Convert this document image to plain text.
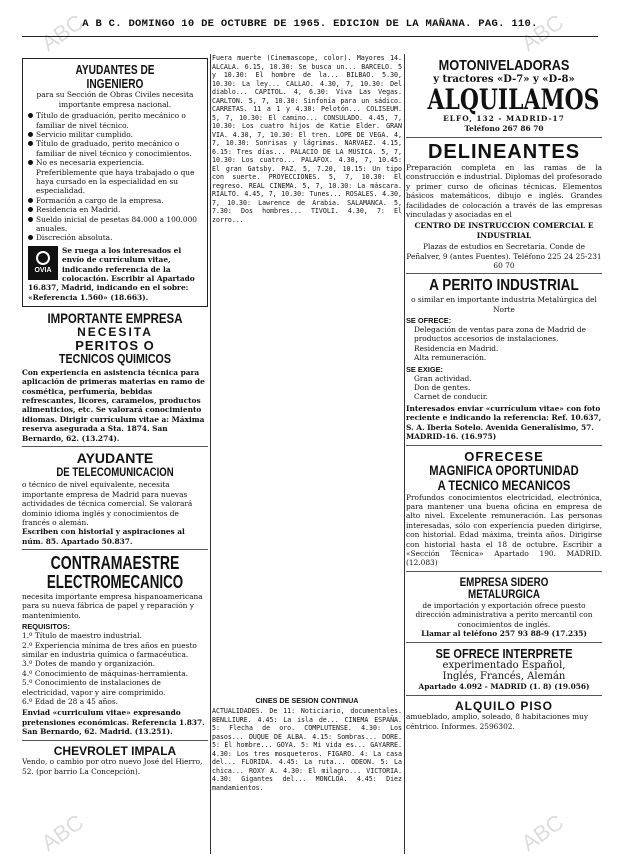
ABC	ABC
ABC	ABC
A B C. DOMINGO 10 DE OCTUBRE DE 1965. EDICION DE LA MAÑANA. PAG. 110.
AYUDANTES DE INGENIERO
para su Sección de Obras Civiles necesita importante empresa nacional.
Título de graduación, perito mecánico o familiar de nivel técnico.
Servicio militar cumplido.
Título de graduado, perito mecánico o familiar de nivel técnico y conocimientos.
No es necesaria experiencia. Preferiblemente que haya trabajado o que haya cursado en la especialidad en su especialidad.
Formación a cargo de la empresa.
Residencia en Madrid.
Sueldo inicial de pesetas 84.000 a 100.000 anuales.
Discreción absoluta.
OVIA
Se ruega a los interesados el envío de currículum vitae, indicando referencia de la colocación. Escribir al Apartado 16.837, Madrid, indicando en el sobre: «Referencia 1.560» (18.663).
IMPORTANTE EMPRESA
NECESITA
PERITOS O
TECNICOS QUIMICOS
Con experiencia en asistencia técnica para aplicación de primeras materias en ramo de cosmética, perfumería, bebidas refrescantes, licores, caramelos, productos alimenticios, etc. Se valorará conocimiento idiomas. Dirigir currículum vitae a: Máxima reserva asegurada a Sta. 1874. San Bernardo, 62. (13.274).
AYUDANTE
DE TELECOMUNICACION
o técnico de nivel equivalente, necesita importante empresa de Madrid para nuevas actividades de técnica comercial. Se valorará dominio idioma inglés y conocimientos de francés o alemán.
Escriben con historial y aspiraciones al núm. 85. Apartado 50.837.
CONTRAMAESTRE
ELECTROMECANICO
necesita importante empresa hispanoamericana para su nueva fábrica de papel y reparación y mantenimiento.
REQUISITOS:
1.º Título de maestro industrial.
2.º Experiencia mínima de tres años en puesto similar en industria química o farmacéutica.
3.º Dotes de mando y organización.
4.º Conocimiento de máquinas-herramienta.
5.º Conocimiento de instalaciones de electricidad, vapor y aire comprimido.
6.º Edad de 28 a 45 años.
Enviad «curriculum vitae» expresando pretensiones económicas. Referencia 1.837. San Bernardo, 62. Madrid. (13.251).
CHEVROLET IMPALA
Vendo, o cambio por otro nuevo José del Hierro, 52. (por barrio La Concepción).
Fuera muerte (Cinemascope, color). Mayores 14. ALCALA. 6.15, 10.30: Se busca un... BARCELO. 5 y 10.30: El hombre de la... BILBAO. 5.30, 10.30: La ley... CALLAO. 4.30, 7, 10.30: Del diablo... CAPITOL. 4, 6.30: Viva Las Vegas. CARLTON. 5, 7, 10.30: Sinfonía para un sádico. CARRETAS. 11 a 1 y 4.30: Pelotón... COLISEUM. 5, 7, 10.30: El camino... CONSULADO. 4.45, 7, 10.30: Los cuatro hijos de Katie Elder. GRAN VIA. 4.30, 7, 10.30: El tren. LOPE DE VEGA. 4, 7, 10.30: Sonrisas y lágrimas. NARVAEZ. 4.15, 6.15: Tres días... PALACIO DE LA MUSICA. 5, 7, 10.30: Los cuatro... PALAFOX. 4.30, 7, 10.45: El gran Gatsby. PAZ. 5, 7.20, 10.15: Un tipo con suerte. PROYECCIONES. 5, 7, 10.30: El regreso. REAL CINEMA. 5, 7, 10.30: La máscara. RIALTO. 4.45, 7, 10.30: Tunes... ROSALES. 4.30, 7, 10.30: Lawrence de Arabia. SALAMANCA. 5, 7.30: Dos hombres... TIVOLI. 4.30, 7: El zorro...
CINES DE SESION CONTINUA
ACTUALIDADES. De 11: Noticiario, documentales. BENLLIURE. 4.45: La isla de... CINEMA ESPAÑA. 5: Flecha de oro. COMPLUTENSE. 4.30: Los pasos... DUQUE DE ALBA. 4.15: Sombras... DORE. 5: El hombre... GOYA. 5: Mi vida es... GAYARRE. 4.30: Los tres mosqueteros. FIGARO. 4: La casa del... FLORIDA. 4.45: La ruta... ODEON. 5: La chica... ROXY A. 4.30: El milagro... VICTORIA. 4.30: Gigantes del... MONCLOA. 4.45: Diez mandamientos.
MOTONIVELADORAS
y tractores «D-7» y «D-8»
ALQUILAMOS
ELFO, 132 - MADRID-17
Teléfono 267 86 70
DELINEANTES
Preparación completa en las ramas de la construcción e industrial. Diplomas del profesorado y primer curso de oficinas técnicas. Elementos básicos matemáticos, dibujo e inglés. Grandes facilidades de colocación a través de las empresas vinculadas y asociadas en el
CENTRO DE INSTRUCCION COMERCIAL E INDUSTRIAL
Plazas de estudios en Secretaría. Conde de Peñalver, 9 (antes Fuentes). Teléfono 225 24 25-231 60 70
A PERITO INDUSTRIAL
o similar en importante industria Metalúrgica del Norte
SE OFRECE:
Delegación de ventas para zona de Madrid de productos accesorios de instalaciones.
Residencia en Madrid.
Alta remuneración.
SE EXIGE:
Gran actividad.
Don de gentes.
Carnet de conducir.
Interesados enviar «currículum vitae» con foto reciente e indicando la referencia: Ref. 10.637, S. A. Iberia Sotelo. Avenida Generalísimo, 57. MADRID-16. (16.975)
OFRECESE
MAGNIFICA OPORTUNIDAD
A TECNICO MECANICOS
Profundos conocimientos electricidad, electrónica, para mantener una buena oficina en empresa de alto nivel. Excelente remuneración. Las personas interesadas, sólo con experiencia pueden dirigirse, con historial. Edad máxima, treinta años. Dirigirse con historial hasta el 18 de octubre. Escribir a «Sección Técnica» Apartado 190. MADRID. (12.083)
EMPRESA SIDERO METALURGICA
de importación y exportación ofrece puesto dirección administrativa a perito mercantil con conocimientos de inglés.
Llamar al teléfono 257 93 88-9 (17.235)
SE OFRECE INTERPRETE
experimentado Español,
Inglés, Francés, Alemán
Apartado 4.092 - MADRID (1. 8) (19.056)
ALQUILO PISO
amueblado, amplio, soleado, 8 habitaciones muy céntrico. Informes. 2596302.
